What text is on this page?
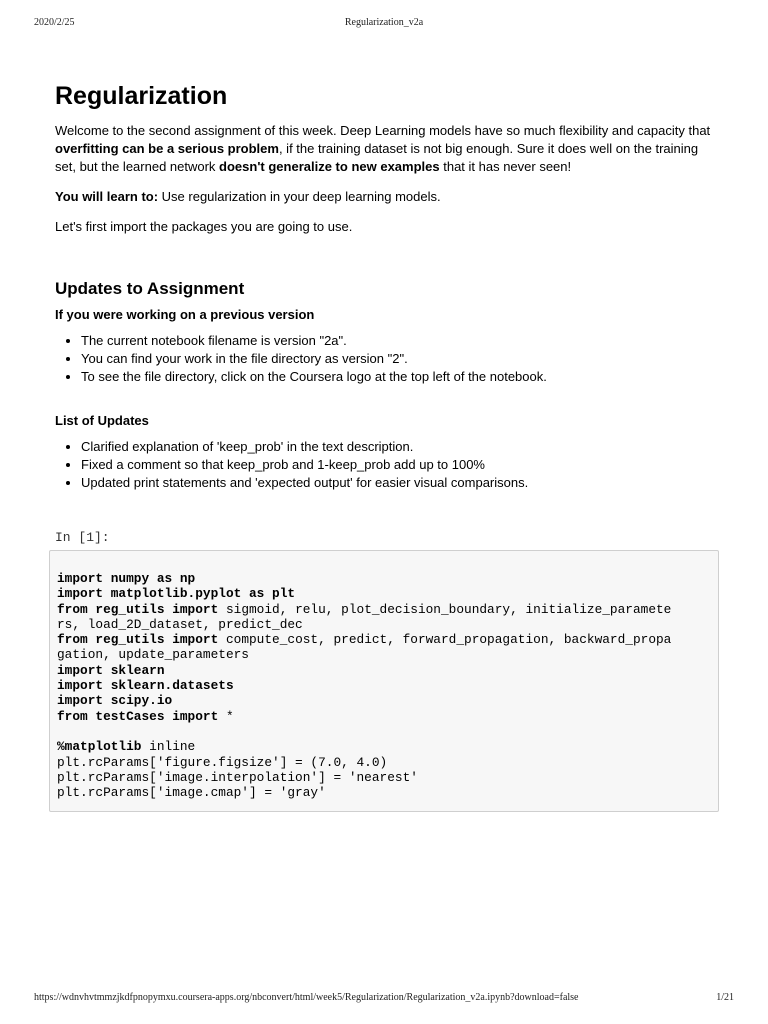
2020/2/25	Regularization_v2a
Regularization

Welcome to the second assignment of this week. Deep Learning models have so much flexibility and capacity that overfitting can be a serious problem, if the training dataset is not big enough. Sure it does well on the training set, but the learned network doesn't generalize to new examples that it has never seen!

You will learn to: Use regularization in your deep learning models.

Let's first import the packages you are going to use.

Updates to Assignment
If you were working on a previous version
• The current notebook filename is version "2a".
• You can find your work in the file directory as version "2".
• To see the file directory, click on the Coursera logo at the top left of the notebook.
List of Updates
• Clarified explanation of 'keep_prob' in the text description.
• Fixed a comment so that keep_prob and 1-keep_prob add up to 100%
• Updated print statements and 'expected output' for easier visual comparisons.
In [1]:
import numpy as np
import matplotlib.pyplot as plt
from reg_utils import sigmoid, relu, plot_decision_boundary, initialize_paramete
rs, load_2D_dataset, predict_dec
from reg_utils import compute_cost, predict, forward_propagation, backward_propa
gation, update_parameters
import sklearn
import sklearn.datasets
import scipy.io
from testCases import *

%matplotlib inline
plt.rcParams['figure.figsize'] = (7.0, 4.0)
plt.rcParams['image.interpolation'] = 'nearest'
plt.rcParams['image.cmap'] = 'gray'

https://wdnvhvtmmzjkdfpnopymxu.coursera-apps.org/nbconvert/html/week5/Regularization/Regularization_v2a.ipynb?download=false	1/21
